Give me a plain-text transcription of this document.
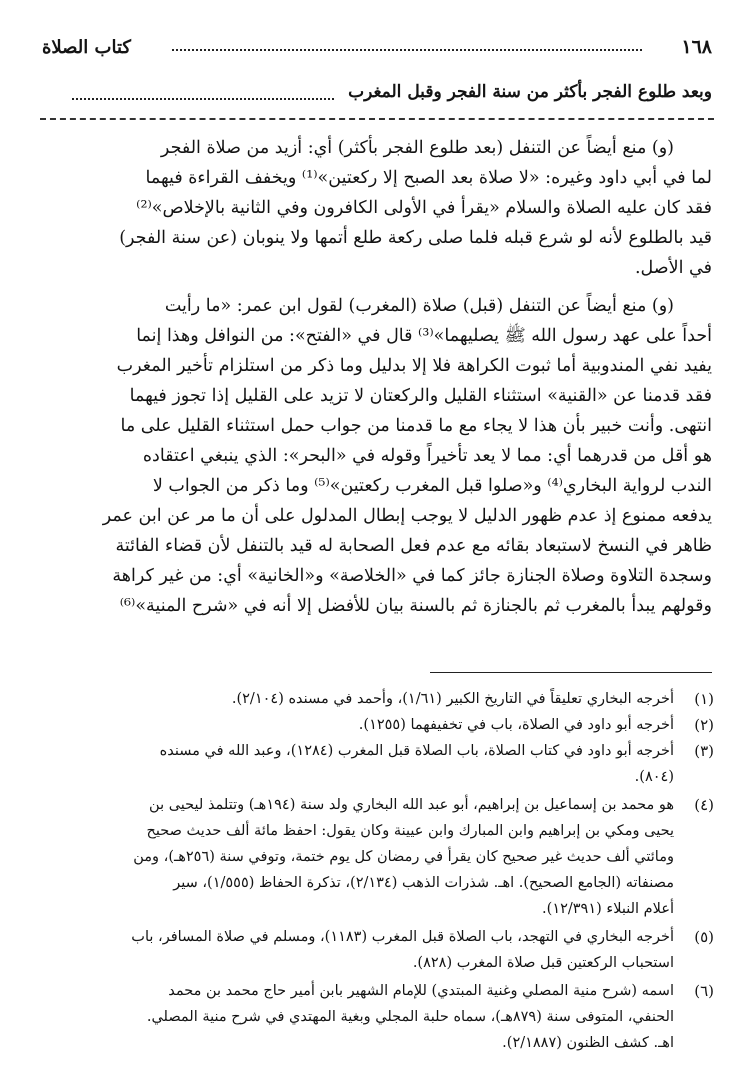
١٦٨
كتاب الصلاة
وبعد طلوع الفجر بأكثر من سنة الفجر وقبل المغرب
(و) منع أيضاً عن التنفل (بعد طلوع الفجر بأكثر) أي: أزيد من صلاة الفجر
لما في أبي داود وغيره: «لا صلاة بعد الصبح إلا ركعتين»⁽¹⁾ ويخفف القراءة فيهما
فقد كان عليه الصلاة والسلام «يقرأ في الأولى الكافرون وفي الثانية بالإخلاص»⁽²⁾
قيد بالطلوع لأنه لو شرع قبله فلما صلى ركعة طلع أتمها ولا ينوبان (عن سنة الفجر)
في الأصل.
(و) منع أيضاً عن التنفل (قبل) صلاة (المغرب) لقول ابن عمر: «ما رأيت
أحداً على عهد رسول الله ﷺ يصليهما»⁽³⁾ قال في «الفتح»: من النوافل وهذا إنما
يفيد نفي المندوبية أما ثبوت الكراهة فلا إلا بدليل وما ذكر من استلزام تأخير المغرب
فقد قدمنا عن «القنية» استثناء القليل والركعتان لا تزيد على القليل إذا تجوز فيهما
انتهى. وأنت خبير بأن هذا لا يجاء مع ما قدمنا من جواب حمل استثناء القليل على ما
هو أقل من قدرهما أي: مما لا يعد تأخيراً وقوله في «البحر»: الذي ينبغي اعتقاده
الندب لرواية البخاري⁽⁴⁾ و«صلوا قبل المغرب ركعتين»⁽⁵⁾ وما ذكر من الجواب لا
يدفعه ممنوع إذ عدم ظهور الدليل لا يوجب إبطال المدلول على أن ما مر عن ابن عمر
ظاهر في النسخ لاستبعاد بقائه مع عدم فعل الصحابة له قيد بالتنفل لأن قضاء الفائتة
وسجدة التلاوة وصلاة الجنازة جائز كما في «الخلاصة» و«الخانية» أي: من غير كراهة
وقولهم يبدأ بالمغرب ثم بالجنازة ثم بالسنة بيان للأفضل إلا أنه في «شرح المنية»⁽⁶⁾
(١)
أخرجه البخاري تعليقاً في التاريخ الكبير (١/٦١)، وأحمد في مسنده (٢/١٠٤).
(٢)
أخرجه أبو داود في الصلاة، باب في تخفيفهما (١٢٥٥).
(٣)
أخرجه أبو داود في كتاب الصلاة، باب الصلاة قبل المغرب (١٢٨٤)، وعبد الله في مسنده
(٨٠٤).
(٤)
هو محمد بن إسماعيل بن إبراهيم، أبو عبد الله البخاري ولد سنة (١٩٤هـ) وتتلمذ ليحيى بن
يحيى ومكي بن إبراهيم وابن المبارك وابن عيينة وكان يقول: احفظ مائة ألف حديث صحيح
ومائتي ألف حديث غير صحيح كان يقرأ في رمضان كل يوم ختمة، وتوفي سنة (٢٥٦هـ)، ومن
مصنفاته (الجامع الصحيح). اهـ. شذرات الذهب (٢/١٣٤)، تذكرة الحفاظ (١/٥٥٥)، سير
أعلام النبلاء (١٢/٣٩١).
(٥)
أخرجه البخاري في التهجد، باب الصلاة قبل المغرب (١١٨٣)، ومسلم في صلاة المسافر، باب
استحباب الركعتين قبل صلاة المغرب (٨٢٨).
(٦)
اسمه (شرح منية المصلي وغنية المبتدي) للإمام الشهير بابن أمير حاج محمد بن محمد
الحنفي، المتوفى سنة (٨٧٩هـ)، سماه حلبة المجلي وبغية المهتدي في شرح منية المصلي.
اهـ. كشف الظنون (٢/١٨٨٧).
